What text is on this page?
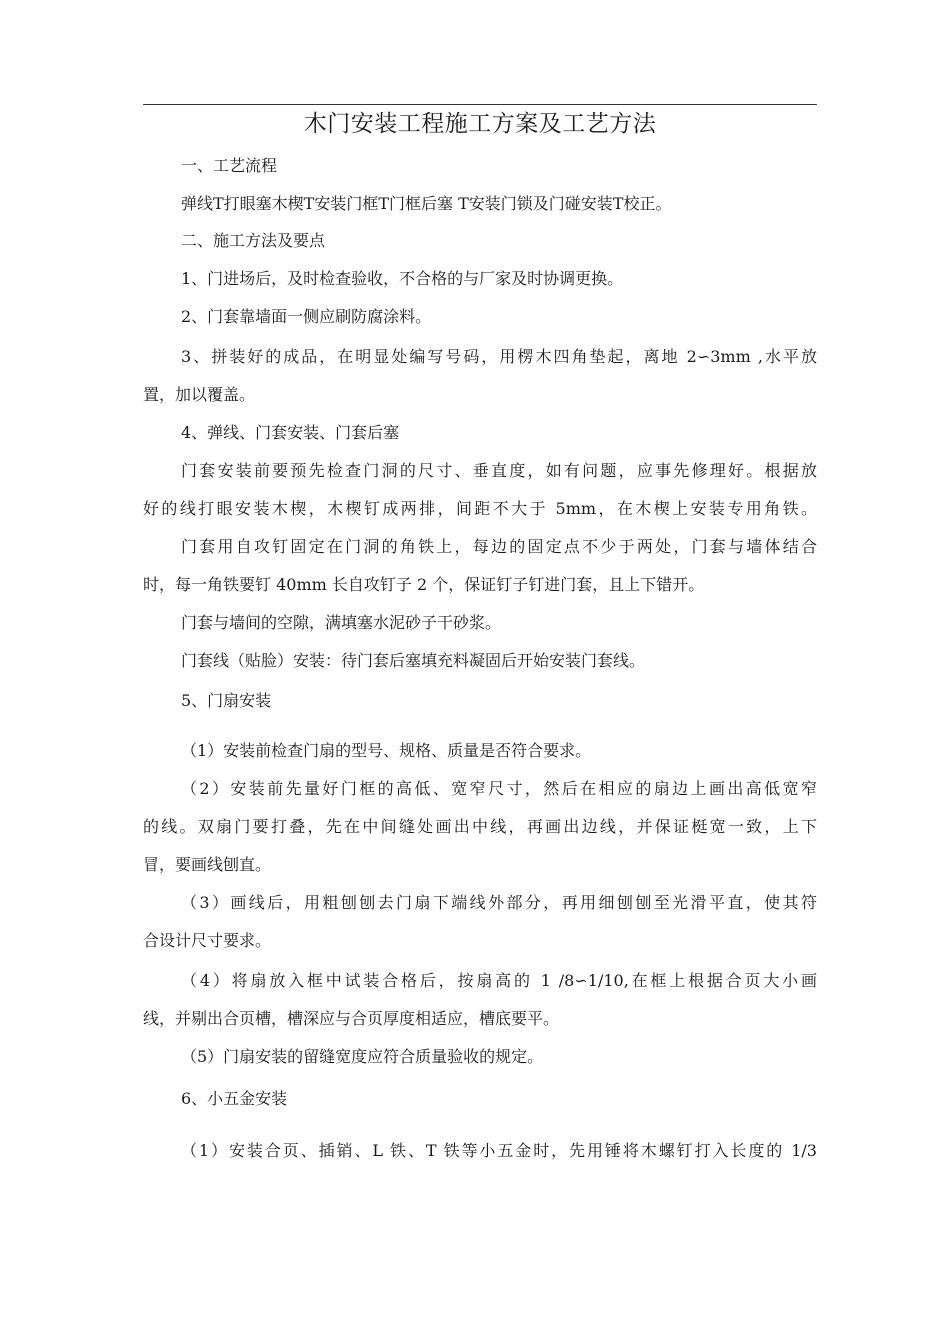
木门安装工程施工方案及工艺方法
一、工艺流程
弹线T打眼塞木楔T安装门框T门框后塞 T安装门锁及门碰安装T校正。
二、施工方法及要点
1、门进场后，及时检查验收，不合格的与厂家及时协调更换。
2、门套靠墙面一侧应刷防腐涂料。
3、拼装好的成品，在明显处编写号码，用楞木四角垫起，离地 2∽3mm ,水平放
置，加以覆盖。
4、弹线、门套安装、门套后塞
门套安装前要预先检查门洞的尺寸、垂直度，如有问题，应事先修理好。根据放
好的线打眼安装木楔，木楔钉成两排，间距不大于 5mm，在木楔上安装专用角铁。
门套用自攻钉固定在门洞的角铁上，每边的固定点不少于两处，门套与墙体结合
时，每一角铁要钉 40mm 长自攻钉子 2 个，保证钉子钉进门套，且上下错开。
门套与墙间的空隙，满填塞水泥砂子干砂浆。
门套线（贴脸）安装：待门套后塞填充料凝固后开始安装门套线。
5、门扇安装
（1）安装前检查门扇的型号、规格、质量是否符合要求。
（2）安装前先量好门框的高低、宽窄尺寸，然后在相应的扇边上画出高低宽窄
的线。双扇门要打叠，先在中间缝处画出中线，再画出边线，并保证梃宽一致，上下
冒，要画线刨直。
（3）画线后，用粗刨刨去门扇下端线外部分，再用细刨刨至光滑平直，使其符
合设计尺寸要求。
（4）将扇放入框中试装合格后，按扇高的 1 /8∽1/10,在框上根据合页大小画
线，并剔出合页槽，槽深应与合页厚度相适应，槽底要平。
（5）门扇安装的留缝宽度应符合质量验收的规定。
6、小五金安装
（1）安装合页、插销、L 铁、T 铁等小五金时，先用锤将木螺钉打入长度的 1/3
